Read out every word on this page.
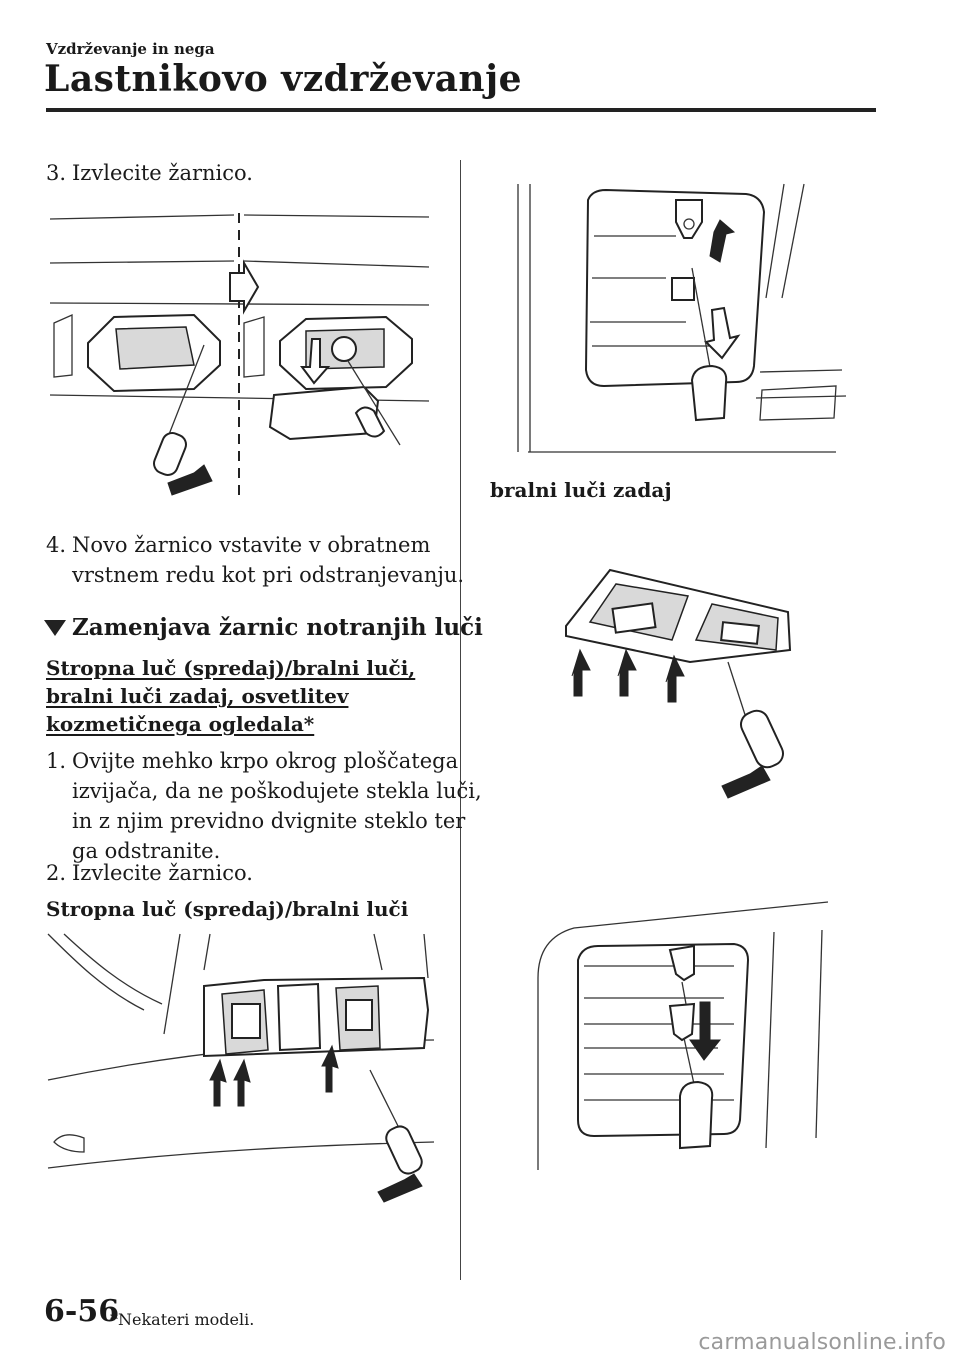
Vzdrževanje in nega
Lastnikovo vzdrževanje
3. Izvlecite žarnico.
4. Novo žarnico vstavite v obratnem
vrstnem redu kot pri odstranjevanju.
Zamenjava žarnic notranjih luči
Stropna luč (spredaj)/bralni luči,
bralni luči zadaj, osvetlitev
kozmetičnega ogledala*
1. Ovijte mehko krpo okrog ploščatega
izvijača, da ne poškodujete stekla luči,
in z njim previdno dvignite steklo ter
ga odstranite.
2. Izvlecite žarnico.
Stropna luč (spredaj)/bralni luči
bralni luči zadaj
6-56
*Nekateri modeli.
carmanualsonline.info
